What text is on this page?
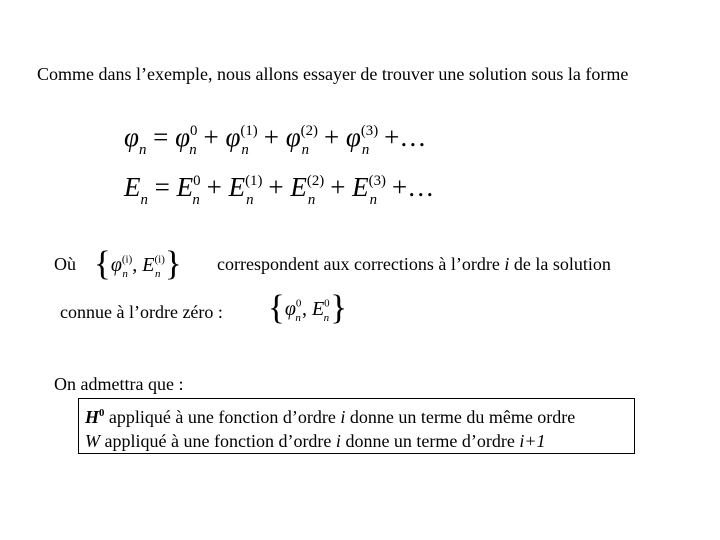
Comme dans l’exemple, nous allons essayer de trouver une solution sous la forme
$\varphi_n = \varphi^0_n + \varphi^{(1)}_n + \varphi^{(2)}_n + \varphi^{(3)}_n$ +…
$E_n = E^0_n + E^{(1)}_n + E^{(2)}_n + E^{(3)}_n$ +…
Où {$\varphi^{(i)}_n$ , $E^{(i)}_n$ } correspondent aux corrections à l’ordre i de la solution
connue à l’ordre zéro : {$\varphi^0_n$, $E^0_n$}
On admettra que :
$H^0$ appliqué à une fonction d’ordre i donne un terme du même ordre
W appliqué à une fonction d’ordre i donne un terme d’ordre i+1
